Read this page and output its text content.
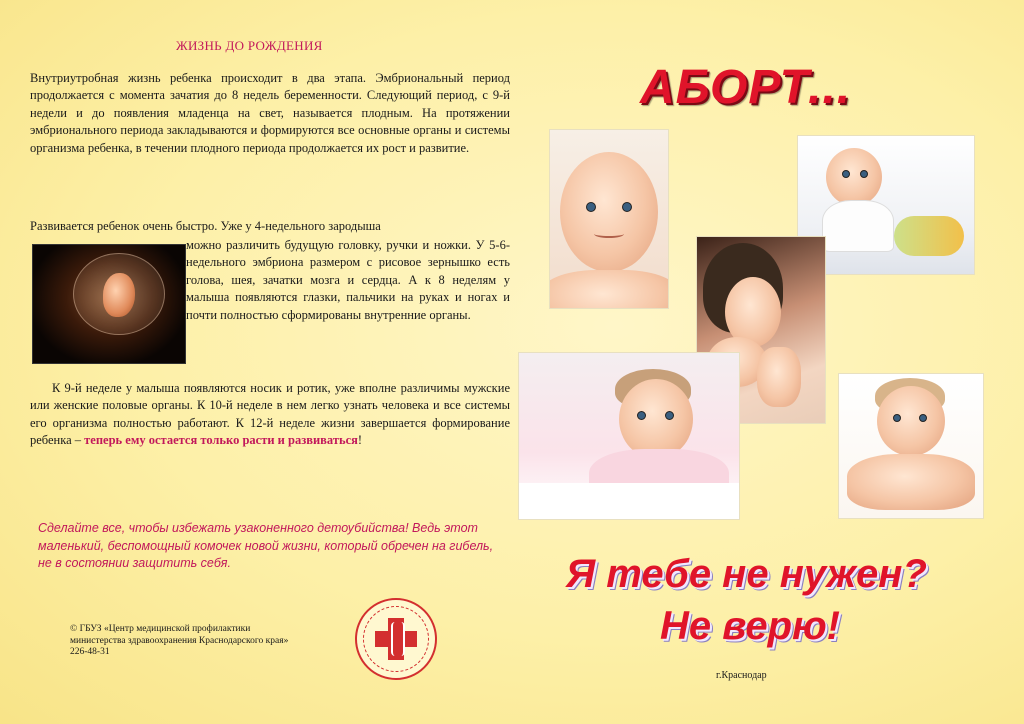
ЖИЗНЬ ДО РОЖДЕНИЯ
Внутриутробная жизнь ребенка происходит в два этапа. Эмбриональный период продолжается с момента зачатия до 8 недель беременности. Следующий период, с 9-й недели и до появления младенца на свет, называется плодным. На протяжении эмбрионального периода закладываются и формируются все основные органы и системы организма ребенка, в течении плодного периода продолжается их рост и развитие.
Развивается ребенок очень быстро. Уже у 4-недельного зародыша
можно различить будущую головку, ручки и ножки. У 5-6-недельного эмбриона размером с рисовое зернышко есть голова, шея, зачатки мозга и сердца. А к 8 неделям у малыша появляются глазки, пальчики на руках и ногах и почти полностью сформированы внутренние органы.
К 9-й неделе у малыша появляются носик и ротик, уже вполне различимы мужские или женские половые органы. К 10-й неделе в нем легко узнать человека и все системы его организма полностью работают. К 12-й неделе жизни завершается формирование ребенка – теперь ему остается только расти и развиваться!
Сделайте все, чтобы избежать узаконенного детоубийства! Ведь этот маленький, беспомощный комочек новой жизни, который обречен на гибель, не в состоянии защитить себя.
© ГБУЗ «Центр медицинской профилактики
министерства здравоохранения Краснодарского края»
226-48-31
АБОРТ...
Я тебе не нужен?
Не верю!
г.Краснодар
